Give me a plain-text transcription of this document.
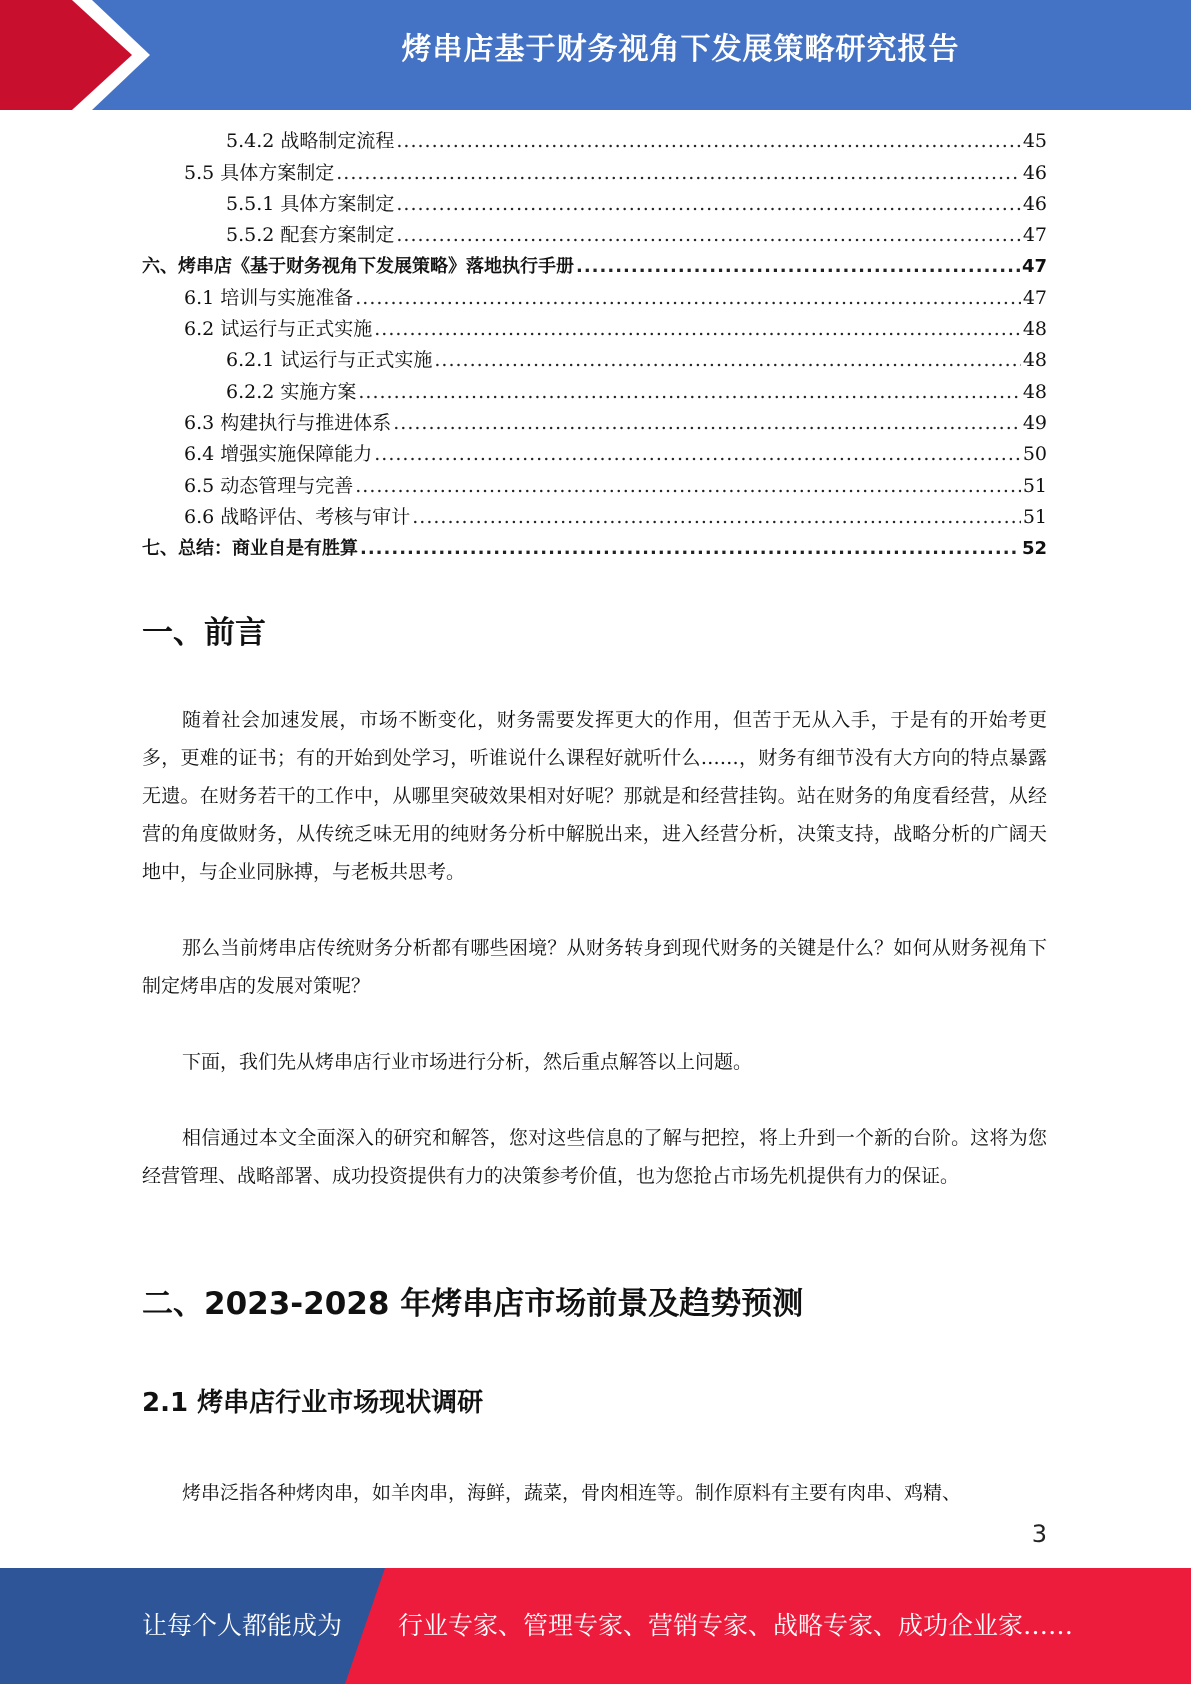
烤串店基于财务视角下发展策略研究报告
5.4.2 战略制定流程 .....	45
5.5 具体方案制定 .....	46
5.5.1 具体方案制定 .....	46
5.5.2 配套方案制定 .....	47
六、烤串店《基于财务视角下发展策略》落地执行手册 .....	47
6.1 培训与实施准备 .....	47
6.2 试运行与正式实施 .....	48
6.2.1 试运行与正式实施 .....	48
6.2.2 实施方案 .....	48
6.3 构建执行与推进体系 .....	49
6.4 增强实施保障能力 .....	50
6.5 动态管理与完善 .....	51
6.6 战略评估、考核与审计 .....	51
七、总结：商业自是有胜算 .....	52
一、前言

随着社会加速发展，市场不断变化，财务需要发挥更大的作用，但苦于无从入手，于是有的开始考更多，更难的证书；有的开始到处学习，听谁说什么课程好就听什么……，财务有细节没有大方向的特点暴露无遗。在财务若干的工作中，从哪里突破效果相对好呢？那就是和经营挂钩。站在财务的角度看经营，从经营的角度做财务，从传统乏味无用的纯财务分析中解脱出来，进入经营分析，决策支持，战略分析的广阔天地中，与企业同脉搏，与老板共思考。

那么当前烤串店传统财务分析都有哪些困境？从财务转身到现代财务的关键是什么？如何从财务视角下制定烤串店的发展对策呢？

下面，我们先从烤串店行业市场进行分析，然后重点解答以上问题。

相信通过本文全面深入的研究和解答，您对这些信息的了解与把控，将上升到一个新的台阶。这将为您经营管理、战略部署、成功投资提供有力的决策参考价值，也为您抢占市场先机提供有力的保证。

二、2023-2028 年烤串店市场前景及趋势预测
2.1 烤串店行业市场现状调研

烤串泛指各种烤肉串，如羊肉串，海鲜，蔬菜，骨肉相连等。制作原料有主要有肉串、鸡精、

3
让每个人都能成为 行业专家、管理专家、营销专家、战略专家、成功企业家……
